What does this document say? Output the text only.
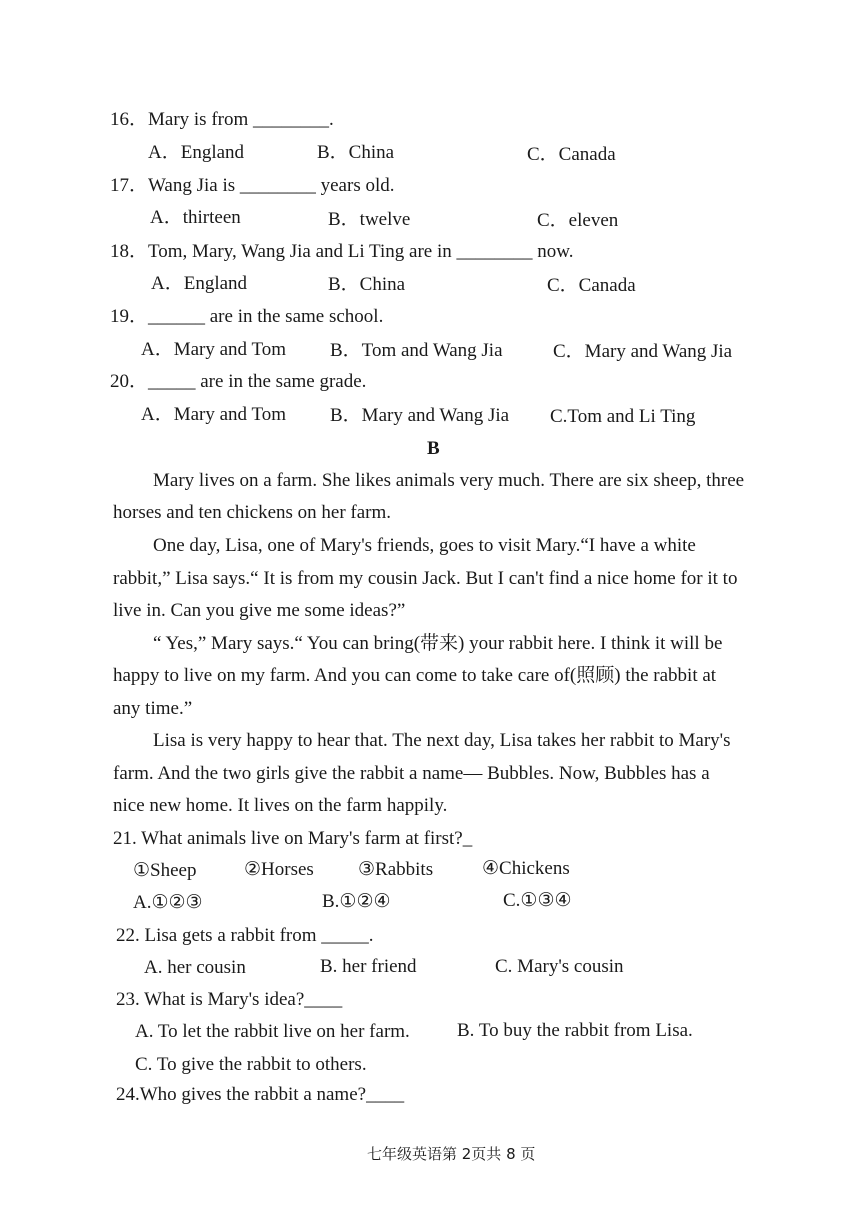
16．Mary is from ________.
A．England	B．China	C．Canada
17．Wang Jia is ________ years old.
A．thirteen	B．twelve	C．eleven
18．Tom, Mary, Wang Jia and Li Ting are in ________ now.
A．England	B．China	C．Canada
19．______ are in the same school.
A．Mary and Tom B．Tom and Wang Jia	C．Mary and Wang Jia
20．_____ are in the same grade.
A．Mary and Tom B．Mary and Wang Jia C.Tom and Li Ting
B
Mary lives on a farm. She likes animals very much. There are six sheep, three
horses and ten chickens on her farm.
One day, Lisa, one of Mary's friends, goes to visit Mary.“I have a white
rabbit,” Lisa says.“ It is from my cousin Jack. But I can't find a nice home for it to
live in. Can you give me some ideas?”
“ Yes,” Mary says.“ You can bring(带来) your rabbit here. I think it will be
happy to live on my farm. And you can come to take care of(照顾) the rabbit at
any time.”
Lisa is very happy to hear that. The next day, Lisa takes her rabbit to Mary's
farm. And the two girls give the rabbit a name— Bubbles. Now, Bubbles has a
nice new home. It lives on the farm happily.
21. What animals live on Mary's farm at first?_
①Sheep	②Horses ③Rabbits	④Chickens
A.①②③	B.①②④	C.①③④
22. Lisa gets a rabbit from _____.
A. her cousin	B. her friend	C. Mary's cousin
23. What is Mary's idea?____
A. To let the rabbit live on her farm. B. To buy the rabbit from Lisa.
C. To give the rabbit to others.
24.Who gives the rabbit a name?____
七年级英语第 2页共 8 页
